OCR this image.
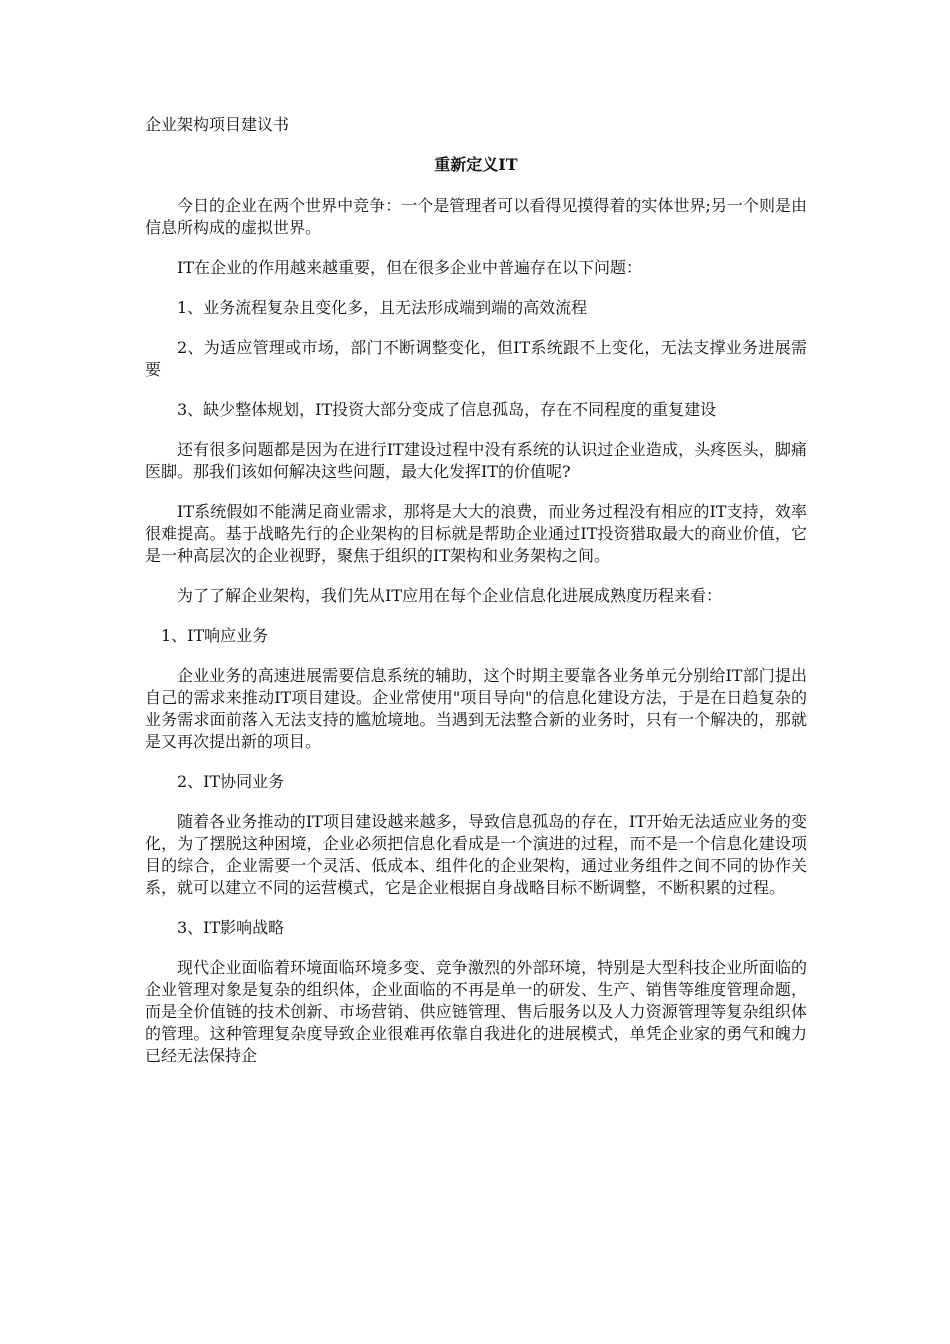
企业架构项目建议书
重新定义IT

今日的企业在两个世界中竞争：一个是管理者可以看得见摸得着的实体世界;另一个则是由信息所构成的虚拟世界。

IT在企业的作用越来越重要，但在很多企业中普遍存在以下问题：

1、业务流程复杂且变化多，且无法形成端到端的高效流程

2、为适应管理或市场，部门不断调整变化，但IT系统跟不上变化，无法支撑业务进展需要

3、缺少整体规划，IT投资大部分变成了信息孤岛，存在不同程度的重复建设

还有很多问题都是因为在进行IT建设过程中没有系统的认识过企业造成，头疼医头，脚痛医脚。那我们该如何解决这些问题，最大化发挥IT的价值呢?

IT系统假如不能满足商业需求，那将是大大的浪费，而业务过程没有相应的IT支持，效率很难提高。基于战略先行的企业架构的目标就是帮助企业通过IT投资猎取最大的商业价值，它是一种高层次的企业视野，聚焦于组织的IT架构和业务架构之间。

为了了解企业架构，我们先从IT应用在每个企业信息化进展成熟度历程来看：

1、IT响应业务

企业业务的高速进展需要信息系统的辅助，这个时期主要靠各业务单元分别给IT部门提出自己的需求来推动IT项目建设。企业常使用"项目导向"的信息化建设方法，于是在日趋复杂的业务需求面前落入无法支持的尴尬境地。当遇到无法整合新的业务时，只有一个解决的，那就是又再次提出新的项目。

2、IT协同业务

随着各业务推动的IT项目建设越来越多，导致信息孤岛的存在，IT开始无法适应业务的变化，为了摆脱这种困境，企业必须把信息化看成是一个演进的过程，而不是一个信息化建设项目的综合，企业需要一个灵活、低成本、组件化的企业架构，通过业务组件之间不同的协作关系，就可以建立不同的运营模式，它是企业根据自身战略目标不断调整，不断积累的过程。

3、IT影响战略

现代企业面临着环境面临环境多变、竞争激烈的外部环境，特别是大型科技企业所面临的企业管理对象是复杂的组织体，企业面临的不再是单一的研发、生产、销售等维度管理命题，而是全价值链的技术创新、市场营销、供应链管理、售后服务以及人力资源管理等复杂组织体的管理。这种管理复杂度导致企业很难再依靠自我进化的进展模式，单凭企业家的勇气和魄力已经无法保持企
